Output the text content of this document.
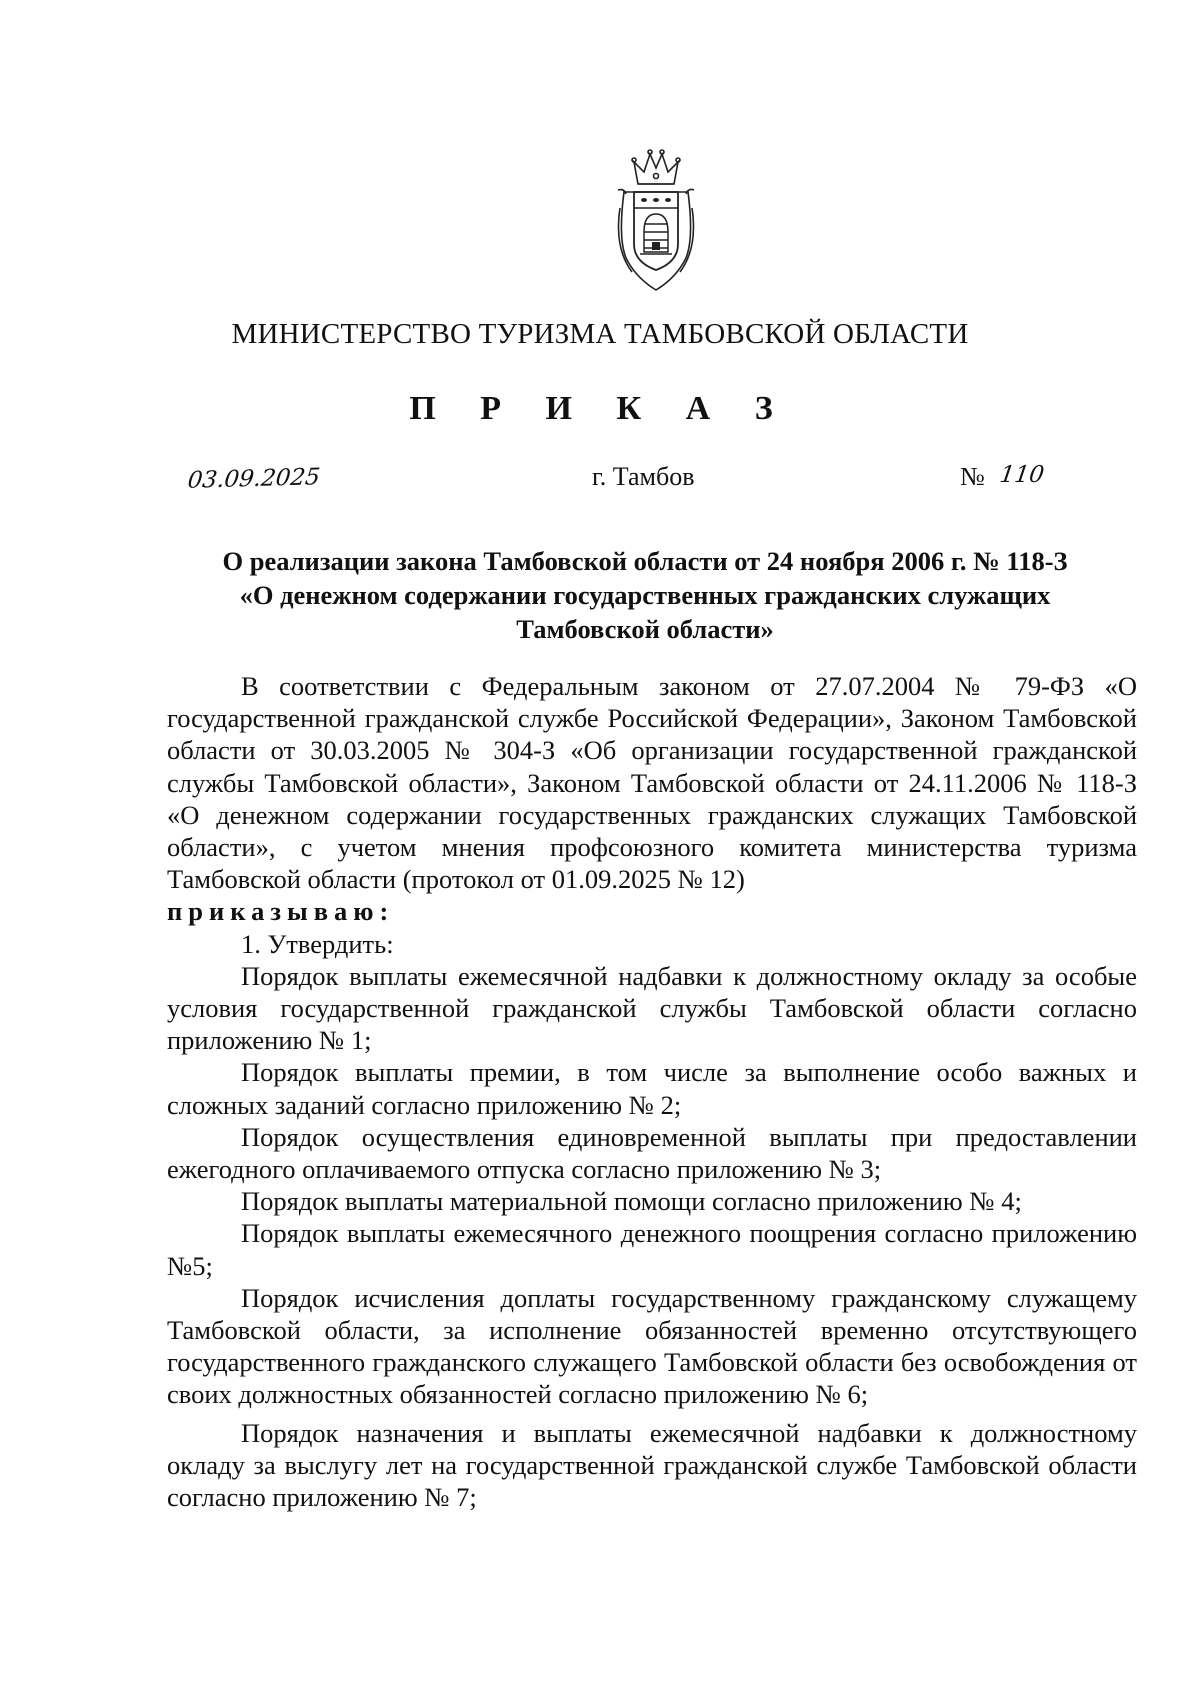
МИНИСТЕРСТВО ТУРИЗМА ТАМБОВСКОЙ ОБЛАСТИ
П Р И К А З
03.09.2025	г. Тамбов	№ 110
О реализации закона Тамбовской области от 24 ноября 2006 г. № 118-З
«О денежном содержании государственных гражданских служащих
Тамбовской области»

В соответствии с Федеральным законом от 27.07.2004 № 79-ФЗ «О государственной гражданской службе Российской Федерации», Законом Тамбовской области от 30.03.2005 № 304-З «Об организации государственной гражданской службы Тамбовской области», Законом Тамбовской области от 24.11.2006 № 118-З «О денежном содержании государственных гражданских служащих Тамбовской области», с учетом мнения профсоюзного комитета министерства туризма Тамбовской области (протокол от 01.09.2025 № 12)

приказываю:

1. Утвердить:

Порядок выплаты ежемесячной надбавки к должностному окладу за особые условия государственной гражданской службы Тамбовской области согласно приложению № 1;

Порядок выплаты премии, в том числе за выполнение особо важных и сложных заданий согласно приложению № 2;

Порядок осуществления единовременной выплаты при предоставлении ежегодного оплачиваемого отпуска согласно приложению № 3;

Порядок выплаты материальной помощи согласно приложению № 4;

Порядок выплаты ежемесячного денежного поощрения согласно приложению №5;

Порядок исчисления доплаты государственному гражданскому служащему Тамбовской области, за исполнение обязанностей временно отсутствующего государственного гражданского служащего Тамбовской области без освобождения от своих должностных обязанностей согласно приложению № 6;

Порядок назначения и выплаты ежемесячной надбавки к должностному окладу за выслугу лет на государственной гражданской службе Тамбовской области согласно приложению № 7;
